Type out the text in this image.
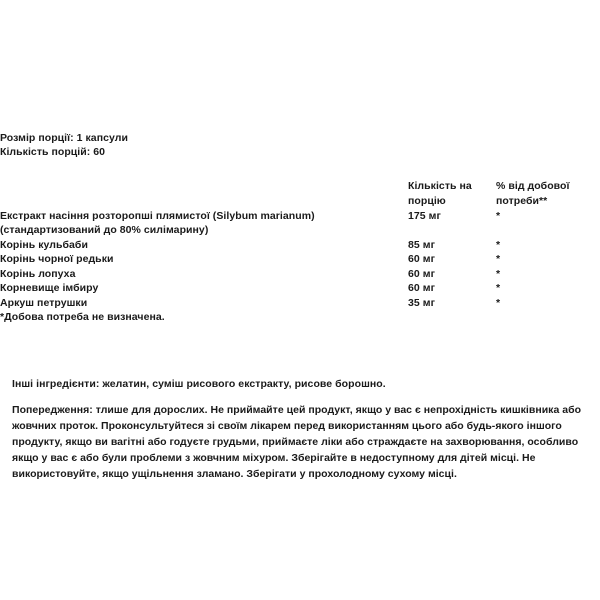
Розмір порції: 1 капсули		
Кількість порцій: 60		

	Кількість на порцію	% від добової потреби**
Екстракт насіння розторопші плямистої (Silybum marianum) (стандартизований до 80% силімарину)	175 мг	*
Корінь кульбаби	85 мг	*
Корінь чорної редьки	60 мг	*
Корінь лопуха	60 мг	*
Корневище імбиру	60 мг	*
Аркуш петрушки	35 мг	*
*Добова потреба не визначена.		
Інші інгредієнти: желатин, суміш рисового екстракту, рисове борошно.
Попередження: тлише для дорослих. Не приймайте цей продукт, якщо у вас є непрохідність кишківника або жовчних проток. Проконсультуйтеся зі своїм лікарем перед використанням цього або будь-якого іншого продукту, якщо ви вагітні або годуєте грудьми, приймаєте ліки або страждаєте на захворювання, особливо якщо у вас є або були проблеми з жовчним міхуром. Зберігайте в недоступному для дітей місці. Не використовуйте, якщо ущільнення зламано. Зберігати у прохолодному сухому місці.
